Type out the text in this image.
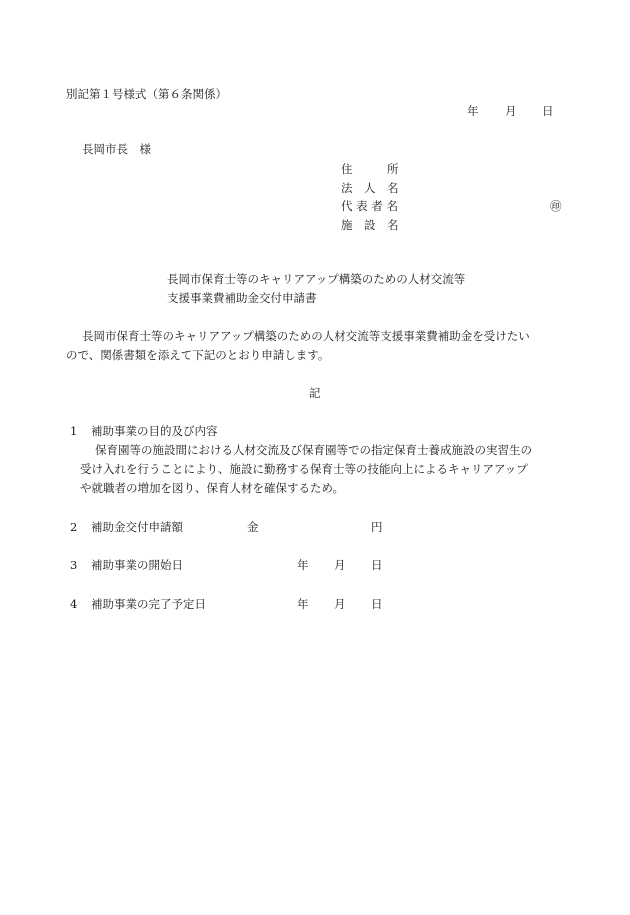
別記第１号様式（第６条関係）
年 月 日
長岡市長　様
住　　　所
法　人　名
代 表 者 名	㊞
施　設　名
長岡市保育士等のキャリアアップ構築のための人材交流等
支援事業費補助金交付申請書
長岡市保育士等のキャリアアップ構築のための人材交流等支援事業費補助金を受けたい
ので、関係書類を添えて下記のとおり申請します。
記
1 補助事業の目的及び内容
保育園等の施設間における人材交流及び保育園等での指定保育士養成施設の実習生の
受け入れを行うことにより、施設に勤務する保育士等の技能向上によるキャリアアップ
や就職者の増加を図り、保育人材を確保するため。
2 補助金交付申請額	金	円
3 補助事業の開始日	年 月 日
4 補助事業の完了予定日	年 月 日
